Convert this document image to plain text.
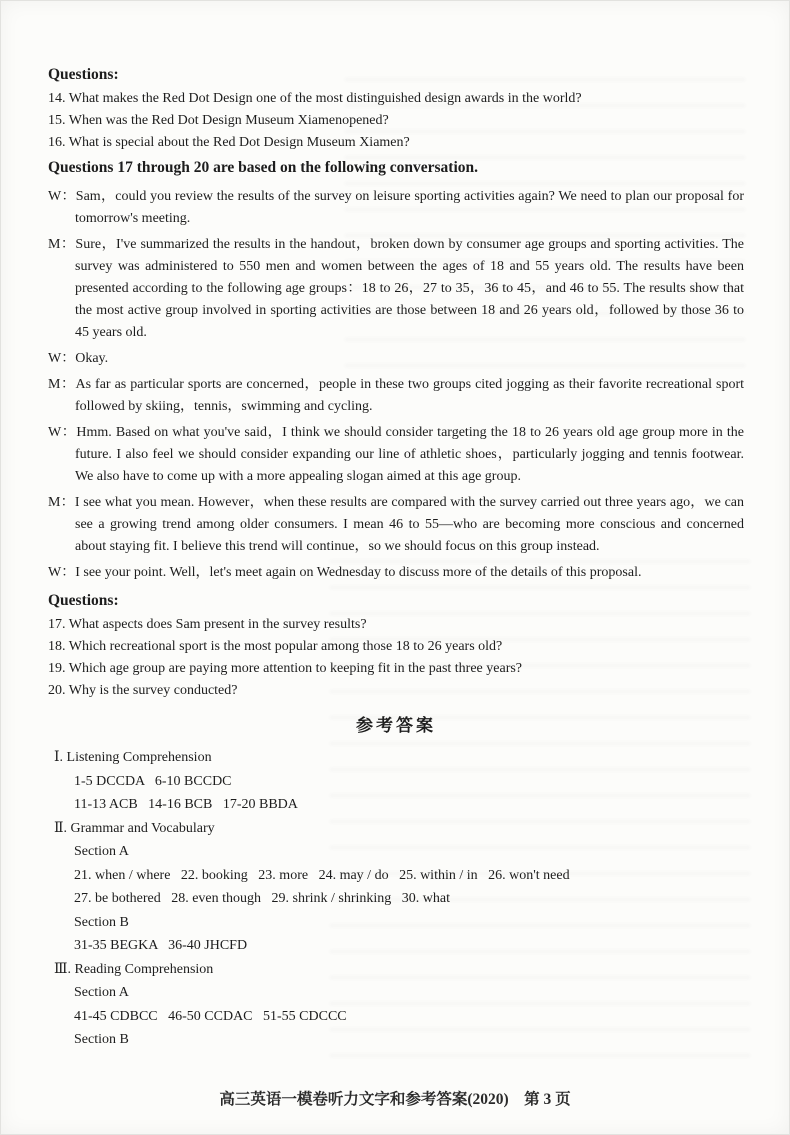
Questions:

14. What makes the Red Dot Design one of the most distinguished design awards in the world?

15. When was the Red Dot Design Museum Xiamenopened?

16. What is special about the Red Dot Design Museum Xiamen?

Questions 17 through 20 are based on the following conversation.

W：Sam，could you review the results of the survey on leisure sporting activities again? We need to plan our proposal for tomorrow's meeting.

M：Sure，I've summarized the results in the handout，broken down by consumer age groups and sporting activities. The survey was administered to 550 men and women between the ages of 18 and 55 years old. The results have been presented according to the following age groups：18 to 26，27 to 35，36 to 45，and 46 to 55. The results show that the most active group involved in sporting activities are those between 18 and 26 years old，followed by those 36 to 45 years old.

W：Okay.

M：As far as particular sports are concerned，people in these two groups cited jogging as their favorite recreational sport followed by skiing，tennis，swimming and cycling.

W：Hmm. Based on what you've said，I think we should consider targeting the 18 to 26 years old age group more in the future. I also feel we should consider expanding our line of athletic shoes，particularly jogging and tennis footwear. We also have to come up with a more appealing slogan aimed at this age group.

M：I see what you mean. However，when these results are compared with the survey carried out three years ago，we can see a growing trend among older consumers. I mean 46 to 55—who are becoming more conscious and concerned about staying fit. I believe this trend will continue，so we should focus on this group instead.

W：I see your point. Well，let's meet again on Wednesday to discuss more of the details of this proposal.

Questions:

17. What aspects does Sam present in the survey results?

18. Which recreational sport is the most popular among those 18 to 26 years old?

19. Which age group are paying more attention to keeping fit in the past three years?

20. Why is the survey conducted?

参考答案

Ⅰ. Listening Comprehension

1-5 DCCDA   6-10 BCCDC

11-13 ACB   14-16 BCB   17-20 BBDA

Ⅱ. Grammar and Vocabulary

Section A

21. when / where   22. booking   23. more   24. may / do   25. within / in   26. won't need

27. be bothered   28. even though   29. shrink / shrinking   30. what

Section B

31-35 BEGKA   36-40 JHCFD

Ⅲ. Reading Comprehension

Section A

41-45 CDBCC   46-50 CCDAC   51-55 CDCCC

Section B

高三英语一模卷听力文字和参考答案(2020)　第 3 页
